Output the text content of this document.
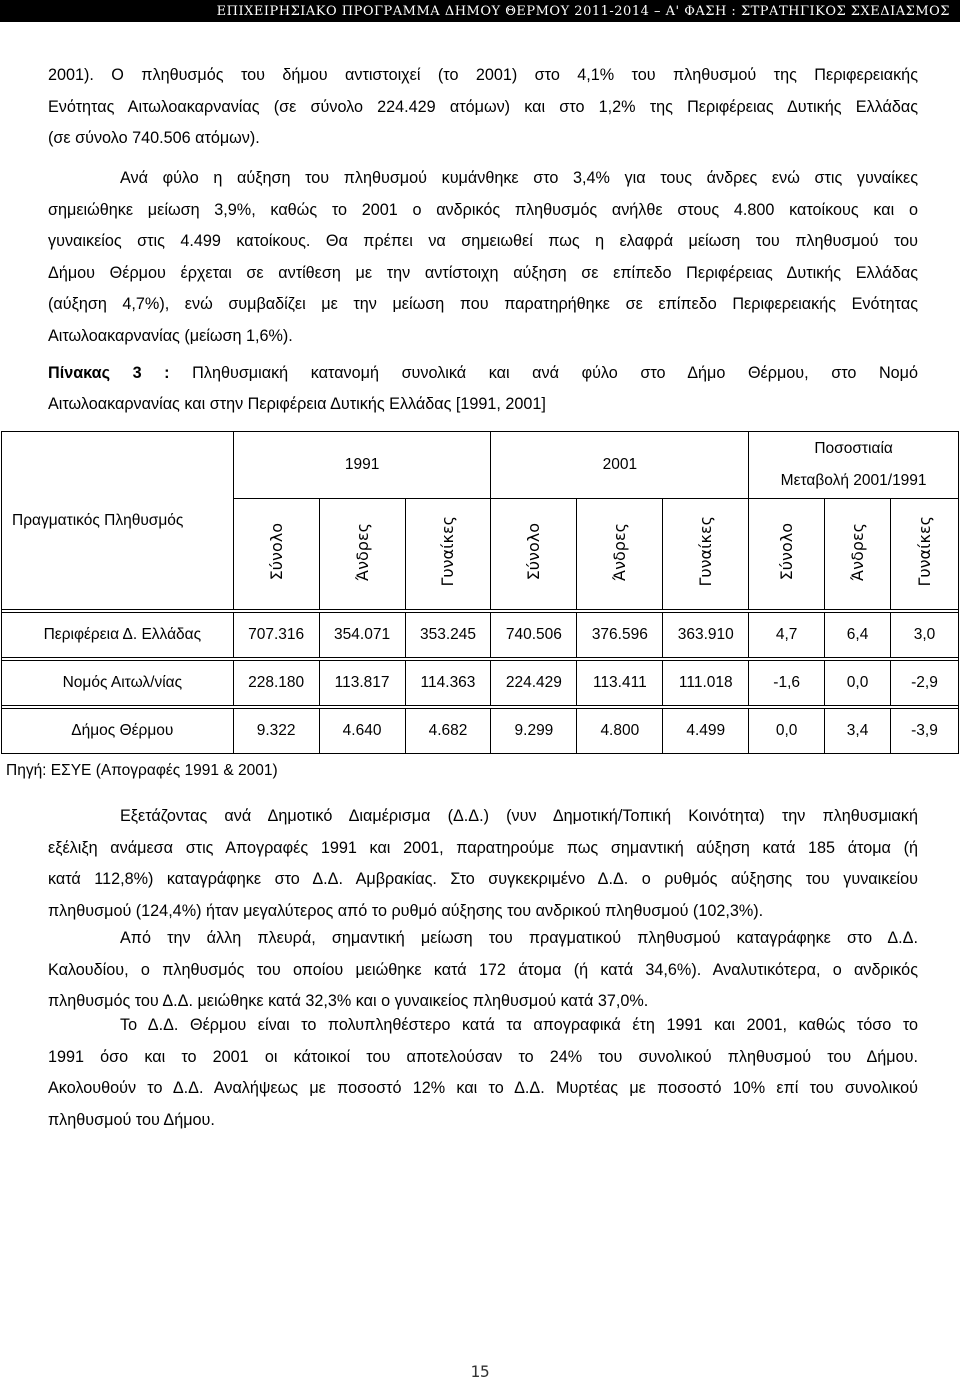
ΕΠΙΧΕΙΡΗΣΙΑΚΟ ΠΡΟΓΡΑΜΜΑ ΔΗΜΟΥ ΘΕΡΜΟΥ 2011-2014 – Α' ΦΑΣΗ : ΣΤΡΑΤΗΓΙΚΟΣ ΣΧΕΔΙΑΣΜΟΣ
2001). Ο πληθυσμός του δήμου αντιστοιχεί (το 2001) στο 4,1% του πληθυσμού της Περιφερειακής
Ενότητας Αιτωλοακαρνανίας (σε σύνολο 224.429 ατόμων) και στο 1,2% της Περιφέρειας Δυτικής Ελλάδας
(σε σύνολο 740.506 ατόμων).
Ανά φύλο η αύξηση του πληθυσμού κυμάνθηκε στο 3,4% για τους άνδρες ενώ στις γυναίκες
σημειώθηκε μείωση 3,9%, καθώς το 2001 ο ανδρικός πληθυσμός ανήλθε στους 4.800 κατοίκους και ο
γυναικείος στις 4.499 κατοίκους. Θα πρέπει να σημειωθεί πως η ελαφρά μείωση του πληθυσμού του
Δήμου Θέρμου έρχεται σε αντίθεση με την αντίστοιχη αύξηση σε επίπεδο Περιφέρειας Δυτικής Ελλάδας
(αύξηση 4,7%), ενώ συμβαδίζει με την μείωση που παρατηρήθηκε σε επίπεδο Περιφερειακής Ενότητας
Αιτωλοακαρνανίας (μείωση 1,6%).
Πίνακας 3 : Πληθυσμιακή κατανομή συνολικά και ανά φύλο στο Δήμο Θέρμου, στο Νομό
Αιτωλοακαρνανίας και στην Περιφέρεια Δυτικής Ελλάδας [1991, 2001]
Πραγματικός Πληθυσμός	1991			2001			Ποσοστιαία
Μεταβολή 2001/1991		

	Σύνολο	Άνδρες	Γυναίκες	Σύνολο	Άνδρες	Γυναίκες	Σύνολο	Άνδρες	Γυναίκες

Περιφέρεια Δ. Ελλάδας	707.316	354.071	353.245	740.506	376.596	363.910	4,7	6,4	3,0

Νομός Αιτωλ/νίας	228.180	113.817	114.363	224.429	113.411	111.018	-1,6	0,0	-2,9

Δήμος Θέρμου	9.322	4.640	4.682	9.299	4.800	4.499	0,0	3,4	-3,9
Πηγή: ΕΣΥΕ (Απογραφές 1991 & 2001)
Εξετάζοντας ανά Δημοτικό Διαμέρισμα (Δ.Δ.) (νυν Δημοτική/Τοπική Κοινότητα) την πληθυσμιακή
εξέλιξη ανάμεσα στις Απογραφές 1991 και 2001, παρατηρούμε πως σημαντική αύξηση κατά 185 άτομα (ή
κατά 112,8%) καταγράφηκε στο Δ.Δ. Αμβρακίας. Στο συγκεκριμένο Δ.Δ. ο ρυθμός αύξησης του γυναικείου
πληθυσμού (124,4%) ήταν μεγαλύτερος από το ρυθμό αύξησης του ανδρικού πληθυσμού (102,3%).
Από την άλλη πλευρά, σημαντική μείωση του πραγματικού πληθυσμού καταγράφηκε στο Δ.Δ.
Καλουδίου, ο πληθυσμός του οποίου μειώθηκε κατά 172 άτομα (ή κατά 34,6%). Αναλυτικότερα, ο ανδρικός
πληθυσμός του Δ.Δ. μειώθηκε κατά 32,3% και ο γυναικείος πληθυσμού κατά 37,0%.
Το Δ.Δ. Θέρμου είναι το πολυπληθέστερο κατά τα απογραφικά έτη 1991 και 2001, καθώς τόσο το
1991 όσο και το 2001 οι κάτοικοί του αποτελούσαν το 24% του συνολικού πληθυσμού του Δήμου.
Ακολουθούν το Δ.Δ. Αναλήψεως με ποσοστό 12% και το Δ.Δ. Μυρτέας με ποσοστό 10% επί του συνολικού
πληθυσμού του Δήμου.
15
